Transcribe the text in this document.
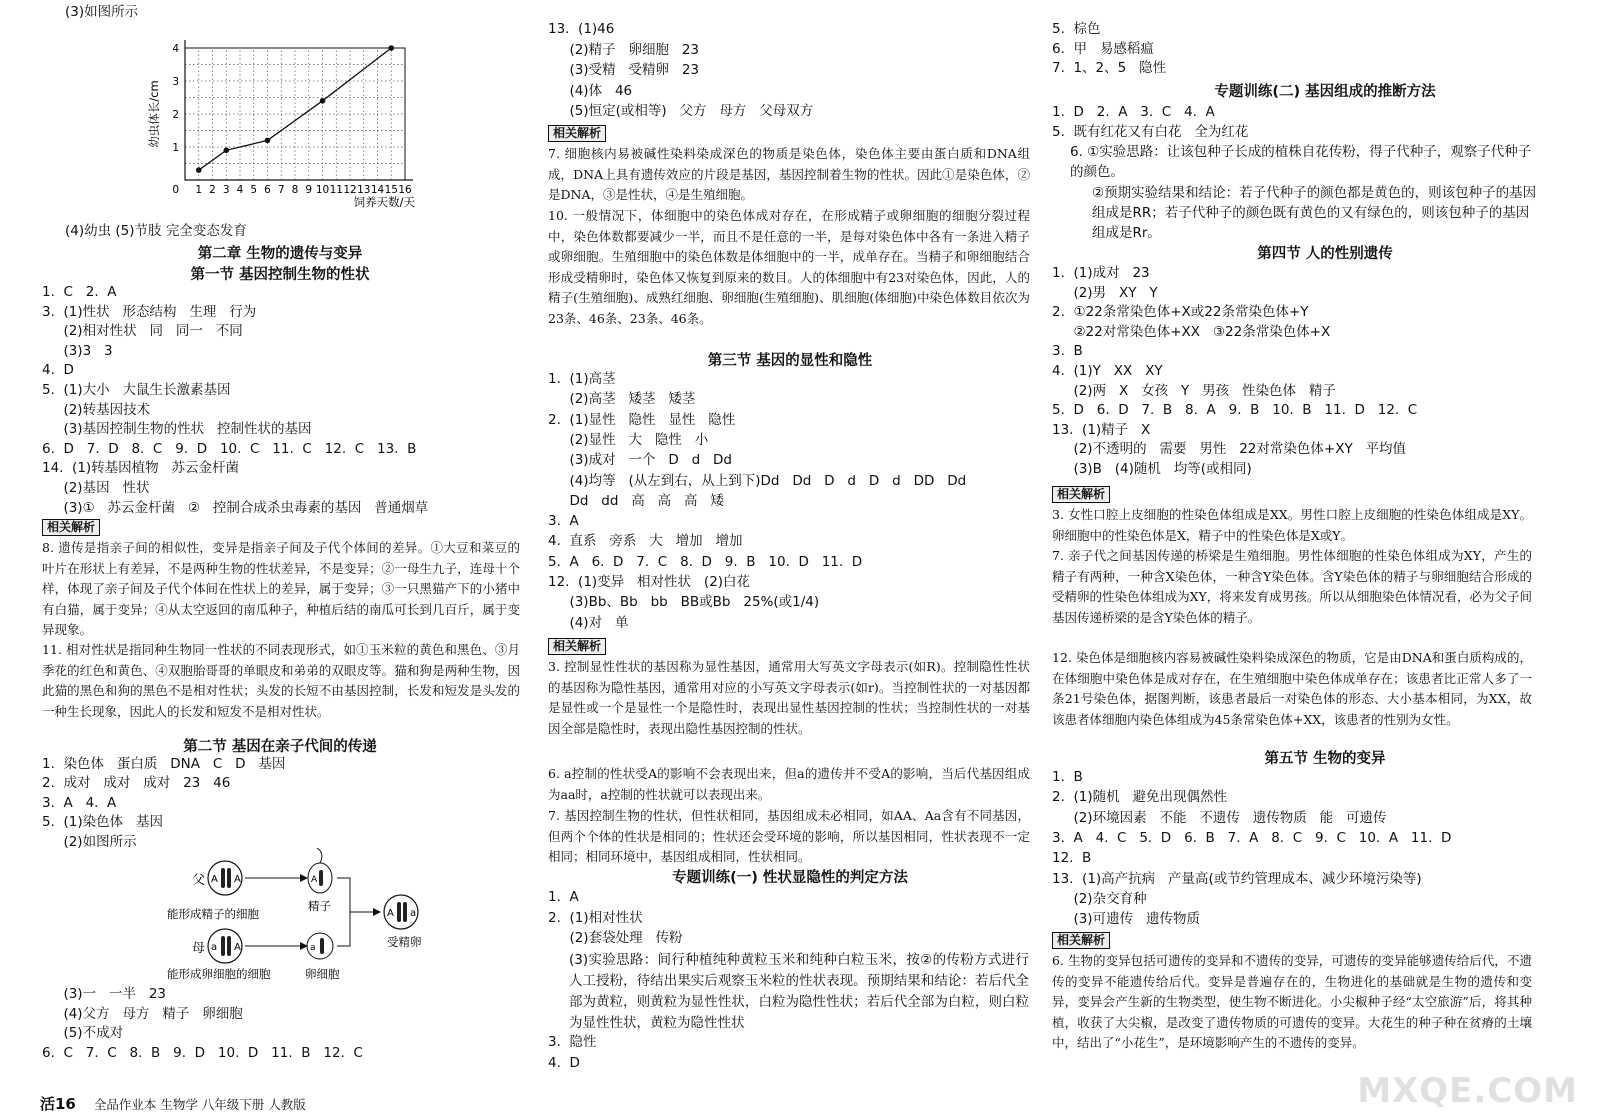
(3)如图所示
1 2 3 4 5 6 7 8 9 10 11 12 13 14 15 16
1
2
3
4
0
饲养天数/天
幼虫体长/cm
(4)幼虫 (5)节肢 完全变态发育
第二章 生物的遗传与变异
第一节 基因控制生物的性状
1.  C   2.  A
3.  (1)性状   形态结构   生理   行为
(2)相对性状   同   同一   不同
(3)3   3
4.  D
5.  (1)大小   大鼠生长激素基因
(2)转基因技术
(3)基因控制生物的性状   控制性状的基因
6.  D   7.  D   8.  C   9.  D   10.  C   11.  C   12.  C   13.  B
14.  (1)转基因植物   苏云金杆菌
(2)基因   性状
(3)①   苏云金杆菌   ②   控制合成杀虫毒素的基因   普通烟草
相关解析
8. 遗传是指亲子间的相似性，变异是指亲子间及子代个体间的差异。①大豆和菜豆的叶片在形状上有差异，不是两种生物的性状差异，不是变异；②一母生九子，连母十个样，体现了亲子间及子代个体间在性状上的差异，属于变异；③一只黑猫产下的小猪中有白猫，属于变异；④从太空返回的南瓜种子，种植后结的南瓜可长到几百斤，属于变异现象。
11. 相对性状是指同种生物同一性状的不同表现形式，如①玉米粒的黄色和黑色、③月季花的红色和黄色、④双胞胎哥哥的单眼皮和弟弟的双眼皮等。猫和狗是两种生物，因此猫的黑色和狗的黑色不是相对性状；头发的长短不由基因控制，长发和短发是头发的一种生长现象，因此人的长发和短发不是相对性状。
第二节 基因在亲子代间的传递
1.  染色体   蛋白质   DNA   C   D   基因
2.  成对   成对   成对   23   46
3.  A   4.  A
5.  (1)染色体   基因
(2)如图所示
父 A A
能形成精子的细胞
A
精子
母 a A
能形成卵细胞的细胞
a
卵细胞
A a
受精卵
(3)一   一半   23
(4)父方   母方   精子   卵细胞
(5)不成对
6.  C   7.  C   8.  B   9.  D   10.  D   11.  B   12.  C
13.  (1)46
(2)精子   卵细胞   23
(3)受精   受精卵   23
(4)体   46
(5)恒定(或相等)   父方   母方   父母双方
相关解析
7. 细胞核内易被碱性染料染成深色的物质是染色体，染色体主要由蛋白质和DNA组成，DNA上具有遗传效应的片段是基因，基因控制着生物的性状。因此①是染色体，②是DNA，③是性状，④是生殖细胞。
10. 一般情况下，体细胞中的染色体成对存在，在形成精子或卵细胞的细胞分裂过程中，染色体数都要减少一半，而且不是任意的一半，是每对染色体中各有一条进入精子或卵细胞。生殖细胞中的染色体数是体细胞中的一半，成单存在。当精子和卵细胞结合形成受精卵时，染色体又恢复到原来的数目。人的体细胞中有23对染色体，因此，人的精子(生殖细胞)、成熟红细胞、卵细胞(生殖细胞)、肌细胞(体细胞)中染色体数目依次为23条、46条、23条、46条。
第三节 基因的显性和隐性
1.  (1)高茎
(2)高茎   矮茎   矮茎
2.  (1)显性   隐性   显性   隐性
(2)显性   大   隐性   小
(3)成对   一个   D   d   Dd
(4)均等   (从左到右，从上到下)Dd   Dd   D   d   D   d   DD   Dd
Dd   dd   高   高   高   矮
3.  A
4.  直系   旁系   大   增加   增加
5.  A   6.  D   7.  C   8.  D   9.  B   10.  D   11.  D
12.  (1)变异   相对性状   (2)白花
(3)Bb、Bb   bb   BB或Bb   25%(或1/4)
(4)对   单
相关解析
3. 控制显性性状的基因称为显性基因，通常用大写英文字母表示(如R)。控制隐性性状的基因称为隐性基因，通常用对应的小写英文字母表示(如r)。当控制性状的一对基因都是显性或一个是显性一个是隐性时，表现出显性基因控制的性状；当控制性状的一对基因全部是隐性时，表现出隐性基因控制的性状。
6. a控制的性状受A的影响不会表现出来，但a的遗传并不受A的影响，当后代基因组成为aa时，a控制的性状就可以表现出来。
7. 基因控制生物的性状，但性状相同，基因组成未必相同，如AA、Aa含有不同基因，但两个个体的性状是相同的；性状还会受环境的影响，所以基因相同，性状表现不一定相同；相同环境中，基因组成相同，性状相同。
专题训练(一) 性状显隐性的判定方法
1.  A
2.  (1)相对性状
(2)套袋处理   传粉
(3)实验思路：间行种植纯种黄粒玉米和纯种白粒玉米，按②的传粉方式进行人工授粉，待结出果实后观察玉米粒的性状表现。预期结果和结论：若后代全部为黄粒，则黄粒为显性性状，白粒为隐性性状；若后代全部为白粒，则白粒为显性性状，黄粒为隐性性状
3.  隐性
4.  D
5.  棕色
6.  甲   易感稻瘟
7.  1、2、5   隐性
专题训练(二) 基因组成的推断方法
1.  D   2.  A   3.  C   4.  A
5.  既有红花又有白花   全为红花
6. ①实验思路：让该包种子长成的植株自花传粉，得子代种子，观察子代种子的颜色。
②预期实验结果和结论：若子代种子的颜色都是黄色的，则该包种子的基因组成是RR；若子代种子的颜色既有黄色的又有绿色的，则该包种子的基因组成是Rr。
第四节 人的性别遗传
1.  (1)成对   23
(2)男   XY   Y
2.  ①22条常染色体+X或22条常染色体+Y
②22对常染色体+XX   ③22条常染色体+X
3.  B
4.  (1)Y   XX   XY
(2)两   X   女孩   Y   男孩   性染色体   精子
5.  D   6.  D   7.  B   8.  A   9.  B   10.  B   11.  D   12.  C
13.  (1)精子   X
(2)不透明的   需要   男性   22对常染色体+XY   平均值
(3)B   (4)随机   均等(或相同)
相关解析
3. 女性口腔上皮细胞的性染色体组成是XX。男性口腔上皮细胞的性染色体组成是XY。卵细胞中的性染色体是X，精子中的性染色体是X或Y。
7. 亲子代之间基因传递的桥梁是生殖细胞。男性体细胞的性染色体组成为XY，产生的精子有两种，一种含X染色体，一种含Y染色体。含Y染色体的精子与卵细胞结合形成的受精卵的性染色体组成为XY，将来发育成男孩。所以从细胞染色体情况看，必为父子间基因传递桥梁的是含Y染色体的精子。
12. 染色体是细胞核内容易被碱性染料染成深色的物质，它是由DNA和蛋白质构成的，在体细胞中染色体是成对存在，在生殖细胞中染色体成单存在；该患者比正常人多了一条21号染色体，据图判断，该患者最后一对染色体的形态、大小基本相同，为XX，故该患者体细胞内染色体组成为45条常染色体+XX，该患者的性别为女性。
第五节 生物的变异
1.  B
2.  (1)随机   避免出现偶然性
(2)环境因素   不能   不遗传   遗传物质   能   可遗传
3.  A   4.  C   5.  D   6.  B   7.  A   8.  C   9.  C   10.  A   11.  D
12.  B
13.  (1)高产抗病   产量高(或节约管理成本、减少环境污染等)
(2)杂交育种
(3)可遗传   遗传物质
相关解析
6. 生物的变异包括可遗传的变异和不遗传的变异，可遗传的变异能够遗传给后代，不遗传的变异不能遗传给后代。变异是普遍存在的，生物进化的基础就是生物的遗传和变异，变异会产生新的生物类型，使生物不断进化。小尖椒种子经“太空旅游”后，将其种植，收获了大尖椒，是改变了遗传物质的可遗传的变异。大花生的种子种在贫瘠的土壤中，结出了“小花生”，是环境影响产生的不遗传的变异。
活16 全品作业本 生物学 八年级下册 人教版	MXQE.COM
